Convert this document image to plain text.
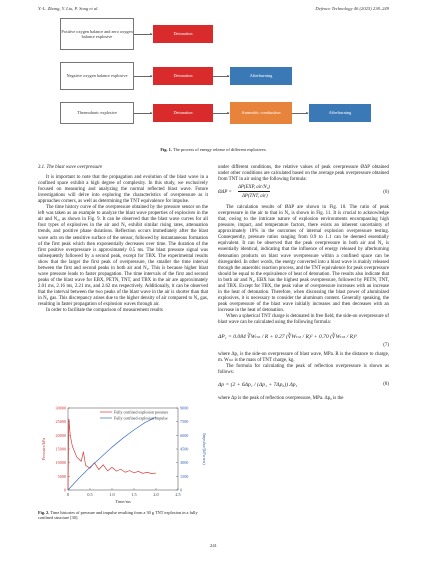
Y.-L. Zhang, Y. Liu, P. Song et al.	Defence Technology 46 (2025) 238–249
Positive oxygen balance and zero oxygen balance explosive
Detonation
Negative oxygen balance explosive	Detonation	Afterburning
Thermobaric explosive	Detonation	Anaerobic combustion	Afterburning
Fig. 1. The process of energy release of different explosives.
3.1. The blast wave overpressure

It is important to note that the propagation and evolution of the blast wave in a confined space exhibit a high degree of complexity. In this study, we exclusively focused on measuring and analyzing the normal reflected blast wave. Future investigations will delve into exploring the characteristics of overpressure as it approaches corners, as well as determining the TNT equivalence for impulse.

The time history curve of the overpressure obtained by the pressure sensor on the left was taken as an example to analyze the blast wave properties of explosives in the air and N₂, as shown in Fig. 9. It can be observed that the blast wave curves for all four types of explosives in the air and N₂ exhibit similar rising rates, attenuation trends, and positive phase durations. Reflection occurs immediately after the blast wave acts on the sensitive surface of the sensor, followed by instantaneous formation of the first peak which then exponentially decreases over time. The duration of the first positive overpressure is approximately 0.5 ms. The blast pressure signal was subsequently followed by a second peak, except for TBX. The experimental results show that the larger the first peak of overpressure, the smaller the time interval between the first and second peaks in both air and N₂. This is because higher blast wave pressure leads to faster propagation. The time intervals of the first and second peaks of the blast wave for EBX, PETN, TNT, and TBX in the air are approximately 2.01 ms, 2.16 ms, 2.21 ms, and 2.62 ms respectively. Additionally, it can be observed that the interval between the two peaks of the blast wave in the air is shorter than that in N₂ gas. This discrepancy arises due to the higher density of air compared to N₂ gas, resulting in faster propagation of explosion waves through air.

In order to facilitate the comparison of measurement results

0	0.5	1.0	1.5	2.0	2.5
0
5000
10000
15000
20000
25000
30000
0
1500
3000
4500
6000
7500
9000
Fully confined explosion pressure
Fully confined explosion impulse
Time/ms
Pressure/kPa	Impulse/(kPa·ms)
Fig. 2. Time histories of pressure and impulse resulting from a 30 g TNT explosion in a fully confined structure [30].

under different conditions, the relative values of peak overpressure ØΔP obtained under other conditions are calculated based on the average peak overpressure obtained from TNT in air using the following formula:

ØΔP =
ΔP(EXP, air/N₂)
ΔP(TNT, air)
(6)

The calculation results of ØΔP are shown in Fig. 10. The ratio of peak overpressure in the air to that in N₂ is shown in Fig. 11. It is crucial to acknowledge that, owing to the intricate nature of explosion environments encompassing high pressure, impact, and temperature factors, there exists an inherent uncertainty of approximately 10% in the outcomes of internal explosion overpressure testing. Consequently, pressure ratios ranging from 0.9 to 1.1 can be deemed essentially equivalent. It can be observed that the peak overpressure in both air and N₂ is essentially identical, indicating that the influence of energy released by afterburning detonation products on blast wave overpressure within a confined space can be disregarded. In other words, the energy converted into a blast wave is mainly released through the anaerobic reaction process, and the TNT equivalence for peak overpressure should be equal to the equivalence of heat of detonation. The results also indicate that in both air and N₂, EBX has the highest peak overpressure, followed by PETN, TNT, and TBX. Except for TBX, the peak value of overpressure increases with an increase in the heat of detonation. Therefore, when discussing the blast power of aluminized explosives, it is necessary to consider the aluminum content. Generally speaking, the peak overpressure of the blast wave initially increases and then decreases with an increase in the heat of detonation.

When a spherical TNT charge is detonated in free field, the side-on overpressure of blast wave can be calculated using the following formula:

ΔP₁ = 0.084 ∛Wₜₙₜ / R + 0.27 (∛Wₜₙₜ / R)² + 0.70 (∛Wₜₙₜ / R)³
(7)

where Δp₁ is the side-on overpressure of blast wave, MPa. R is the distance to charge, m. Wₜₙₜ is the mass of TNT charge, kg.

The formula for calculating the peak of reflection overpressure is shown as follows:

Δp = (2 + 6Δp₁ / (Δp₁ + 7Δp₀)) Δp₁	(8)

where Δp is the peak of reflection overpressure, MPa. Δp₀ is the

241
